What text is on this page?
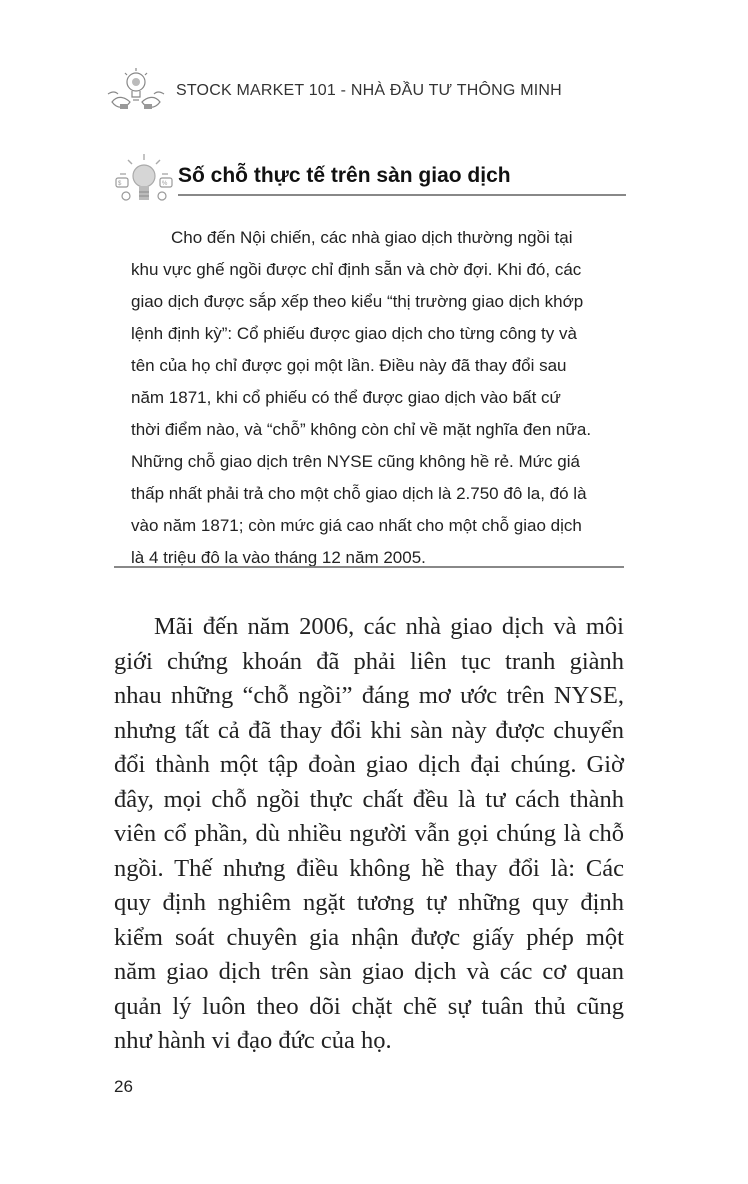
STOCK MARKET 101 - NHÀ ĐẦU TƯ THÔNG MINH
$	% Số chỗ thực tế trên sàn giao dịch
Cho đến Nội chiến, các nhà giao dịch thường ngồi tại
khu vực ghế ngồi được chỉ định sẵn và chờ đợi. Khi đó, các
giao dịch được sắp xếp theo kiểu “thị trường giao dịch khớp
lệnh định kỳ”: Cổ phiếu được giao dịch cho từng công ty và
tên của họ chỉ được gọi một lần. Điều này đã thay đổi sau
năm 1871, khi cổ phiếu có thể được giao dịch vào bất cứ
thời điểm nào, và “chỗ” không còn chỉ về mặt nghĩa đen nữa.
Những chỗ giao dịch trên NYSE cũng không hề rẻ. Mức giá
thấp nhất phải trả cho một chỗ giao dịch là 2.750 đô la, đó là
vào năm 1871; còn mức giá cao nhất cho một chỗ giao dịch
là 4 triệu đô la vào tháng 12 năm 2005.
Mãi đến năm 2006, các nhà giao dịch và môi
giới chứng khoán đã phải liên tục tranh giành
nhau những “chỗ ngồi” đáng mơ ước trên NYSE,
nhưng tất cả đã thay đổi khi sàn này được chuyển
đổi thành một tập đoàn giao dịch đại chúng. Giờ
đây, mọi chỗ ngồi thực chất đều là tư cách thành
viên cổ phần, dù nhiều người vẫn gọi chúng là chỗ
ngồi. Thế nhưng điều không hề thay đổi là: Các
quy định nghiêm ngặt tương tự những quy định
kiểm soát chuyên gia nhận được giấy phép một
năm giao dịch trên sàn giao dịch và các cơ quan
quản lý luôn theo dõi chặt chẽ sự tuân thủ cũng
như hành vi đạo đức của họ.
26
